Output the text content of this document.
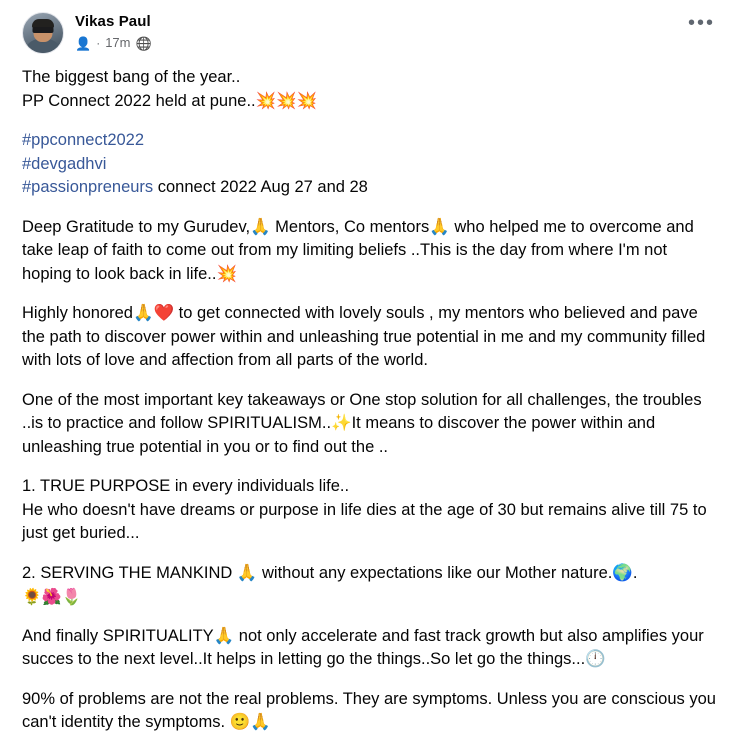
Vikas Paul
👤 · 17m 🌐
•••
The biggest bang of the year..
PP Connect 2022 held at pune..💥💥💥
#ppconnect2022
#devgadhvi
#passionpreneurs connect 2022 Aug 27 and 28
Deep Gratitude to my Gurudev,🙏 Mentors, Co mentors🙏 who helped me to overcome and take leap of faith to come out from my limiting beliefs ..This is the day from where I'm not hoping to look back in life..💥
Highly honored🙏❤️ to get connected with lovely souls , my mentors who believed and pave the path to discover power within and unleashing true potential in me and my community filled with lots of love and affection from all parts of the world.
One of the most important key takeaways or One stop solution for all challenges, the troubles ..is to practice and follow SPIRITUALISM..✨It means to discover the power within and unleashing true potential in you or to find out the ..
1. TRUE PURPOSE in every individuals life..
He who doesn't have dreams or purpose in life dies at the age of 30 but remains alive till 75 to just get buried...
2. SERVING THE MANKIND 🙏 without any expectations like our Mother nature.🌍.
🌻🌺🌷
And finally SPIRITUALITY🙏 not only accelerate and fast track growth but also amplifies your succes to the next level..It helps in letting go the things..So let go the things...🕛
90% of problems are not the real problems. They are symptoms. Unless you are conscious you can't identity the symptoms. 🙂🙏
